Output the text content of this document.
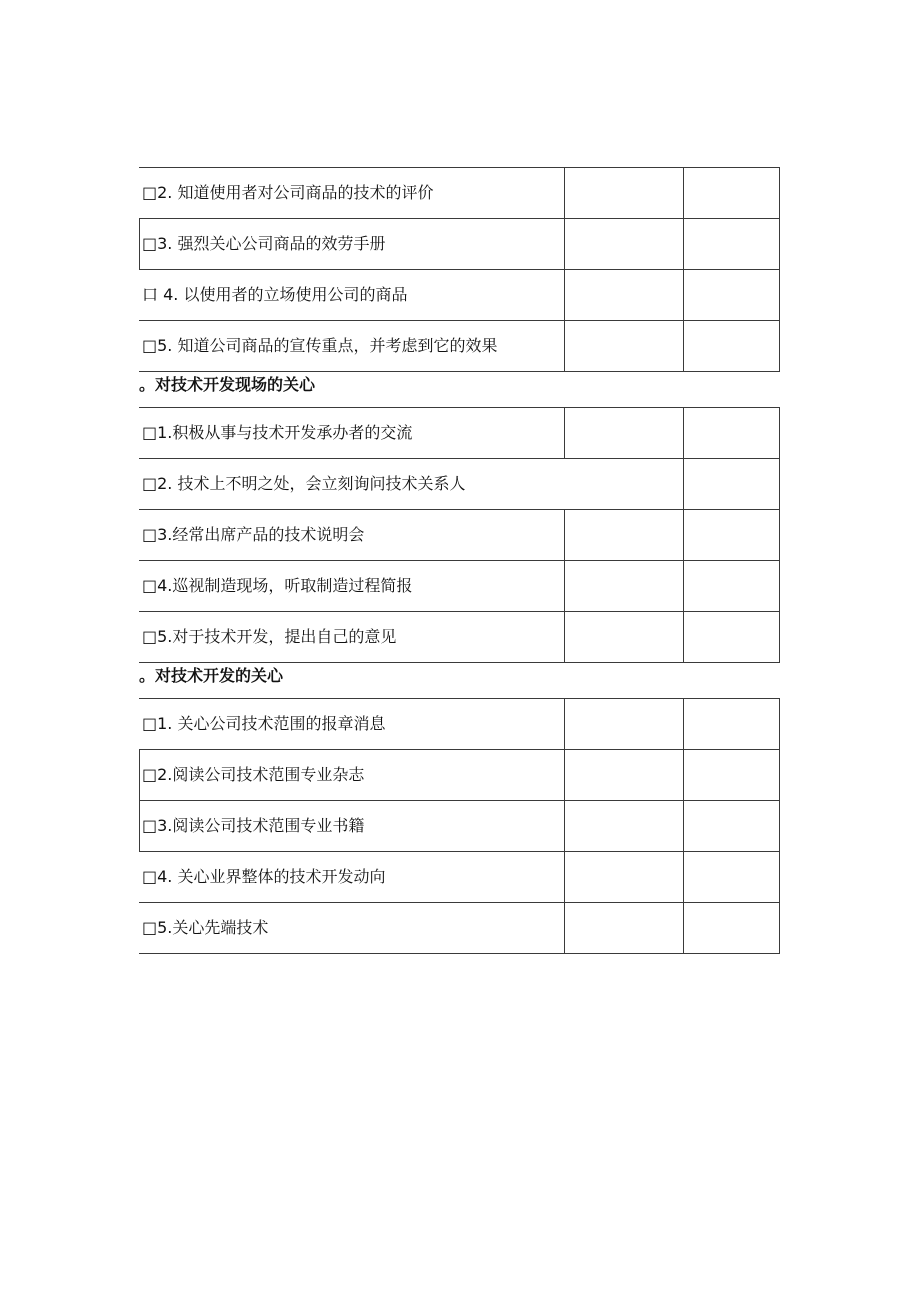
□2. 知道使用者对公司商品的技术的评价		
□3. 强烈关心公司商品的效劳手册		
口 4. 以使用者的立场使用公司的商品		
□5. 知道公司商品的宣传重点，并考虑到它的效果		
。对技术开发现场的关心
□1.积极从事与技术开发承办者的交流		
□2. 技术上不明之处，会立刻询问技术关系人		
□3.经常出席产品的技术说明会		
□4.巡视制造现场，听取制造过程简报		
□5.对于技术开发，提出自己的意见		
。对技术开发的关心
□1. 关心公司技术范围的报章消息		
□2.阅读公司技术范围专业杂志		
□3.阅读公司技术范围专业书籍		
□4. 关心业界整体的技术开发动向		
□5.关心先端技术		
